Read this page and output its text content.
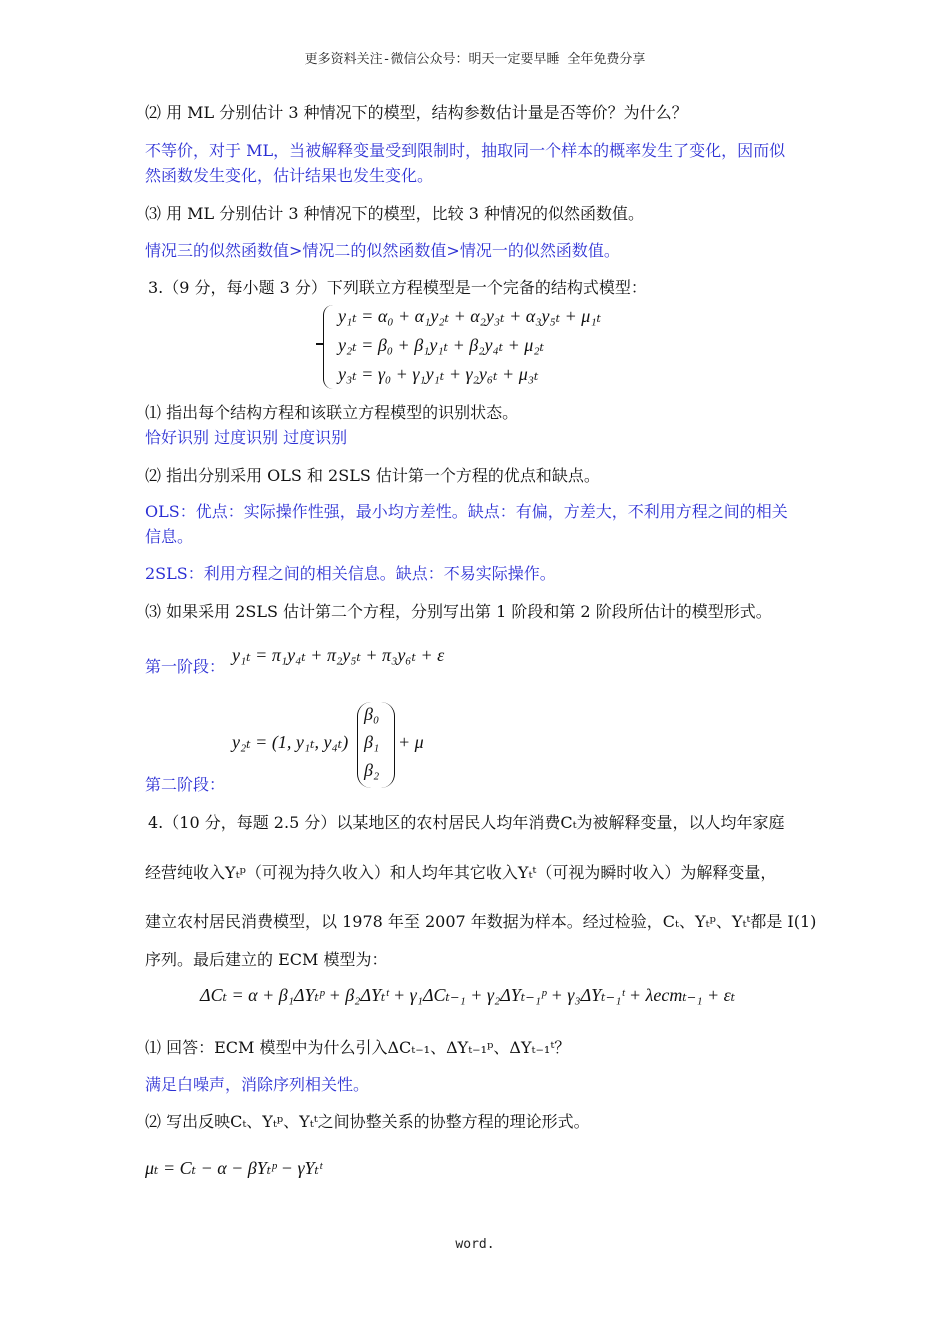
更多资料关注-微信公众号：明天一定要早睡 全年免费分享
⑵ 用 ML 分别估计 3 种情况下的模型，结构参数估计量是否等价？为什么？
不等价，对于 ML，当被解释变量受到限制时，抽取同一个样本的概率发生了变化，因而似
然函数发生变化，估计结果也发生变化。
⑶ 用 ML 分别估计 3 种情况下的模型，比较 3 种情况的似然函数值。
情况三的似然函数值>情况二的似然函数值>情况一的似然函数值。
3.（9 分，每小题 3 分）下列联立方程模型是一个完备的结构式模型：
y₁ₜ = α₀ + α₁y₂ₜ + α₂y₃ₜ + α₃y₅ₜ + μ₁ₜ
y₂ₜ = β₀ + β₁y₁ₜ + β₂y₄ₜ + μ₂ₜ
y₃ₜ = γ₀ + γ₁y₁ₜ + γ₂y₆ₜ + μ₃ₜ
⑴ 指出每个结构方程和该联立方程模型的识别状态。
恰好识别 过度识别 过度识别
⑵ 指出分别采用 OLS 和 2SLS 估计第一个方程的优点和缺点。
OLS：优点：实际操作性强，最小均方差性。缺点：有偏，方差大，不利用方程之间的相关
信息。
2SLS：利用方程之间的相关信息。缺点：不易实际操作。
⑶ 如果采用 2SLS 估计第二个方程，分别写出第 1 阶段和第 2 阶段所估计的模型形式。
第一阶段：
y₁ₜ = π₁y₄ₜ + π₂y₅ₜ + π₃y₆ₜ + ε
y₂ₜ = (1, y₁ₜ, y₄ₜ)
β₀
β₁
β₂
+ μ
第二阶段：
4.（10 分，每题 2.5 分）以某地区的农村居民人均年消费Cₜ为被解释变量，以人均年家庭
经营纯收入Yₜᵖ（可视为持久收入）和人均年其它收入Yₜᵗ（可视为瞬时收入）为解释变量，
建立农村居民消费模型，以 1978 年至 2007 年数据为样本。经过检验，Cₜ、Yₜᵖ、Yₜᵗ都是 I(1)
序列。最后建立的 ECM 模型为：
ΔCₜ = α + β₁ΔYₜᵖ + β₂ΔYₜᵗ + γ₁ΔCₜ₋₁ + γ₂ΔYₜ₋₁ᵖ + γ₃ΔYₜ₋₁ᵗ + λecmₜ₋₁ + εₜ
⑴ 回答：ECM 模型中为什么引入ΔCₜ₋₁、ΔYₜ₋₁ᵖ、ΔYₜ₋₁ᵗ？
满足白噪声，消除序列相关性。
⑵ 写出反映Cₜ、Yₜᵖ、Yₜᵗ之间协整关系的协整方程的理论形式。
μₜ = Cₜ − α − βYₜᵖ − γYₜᵗ
word.
